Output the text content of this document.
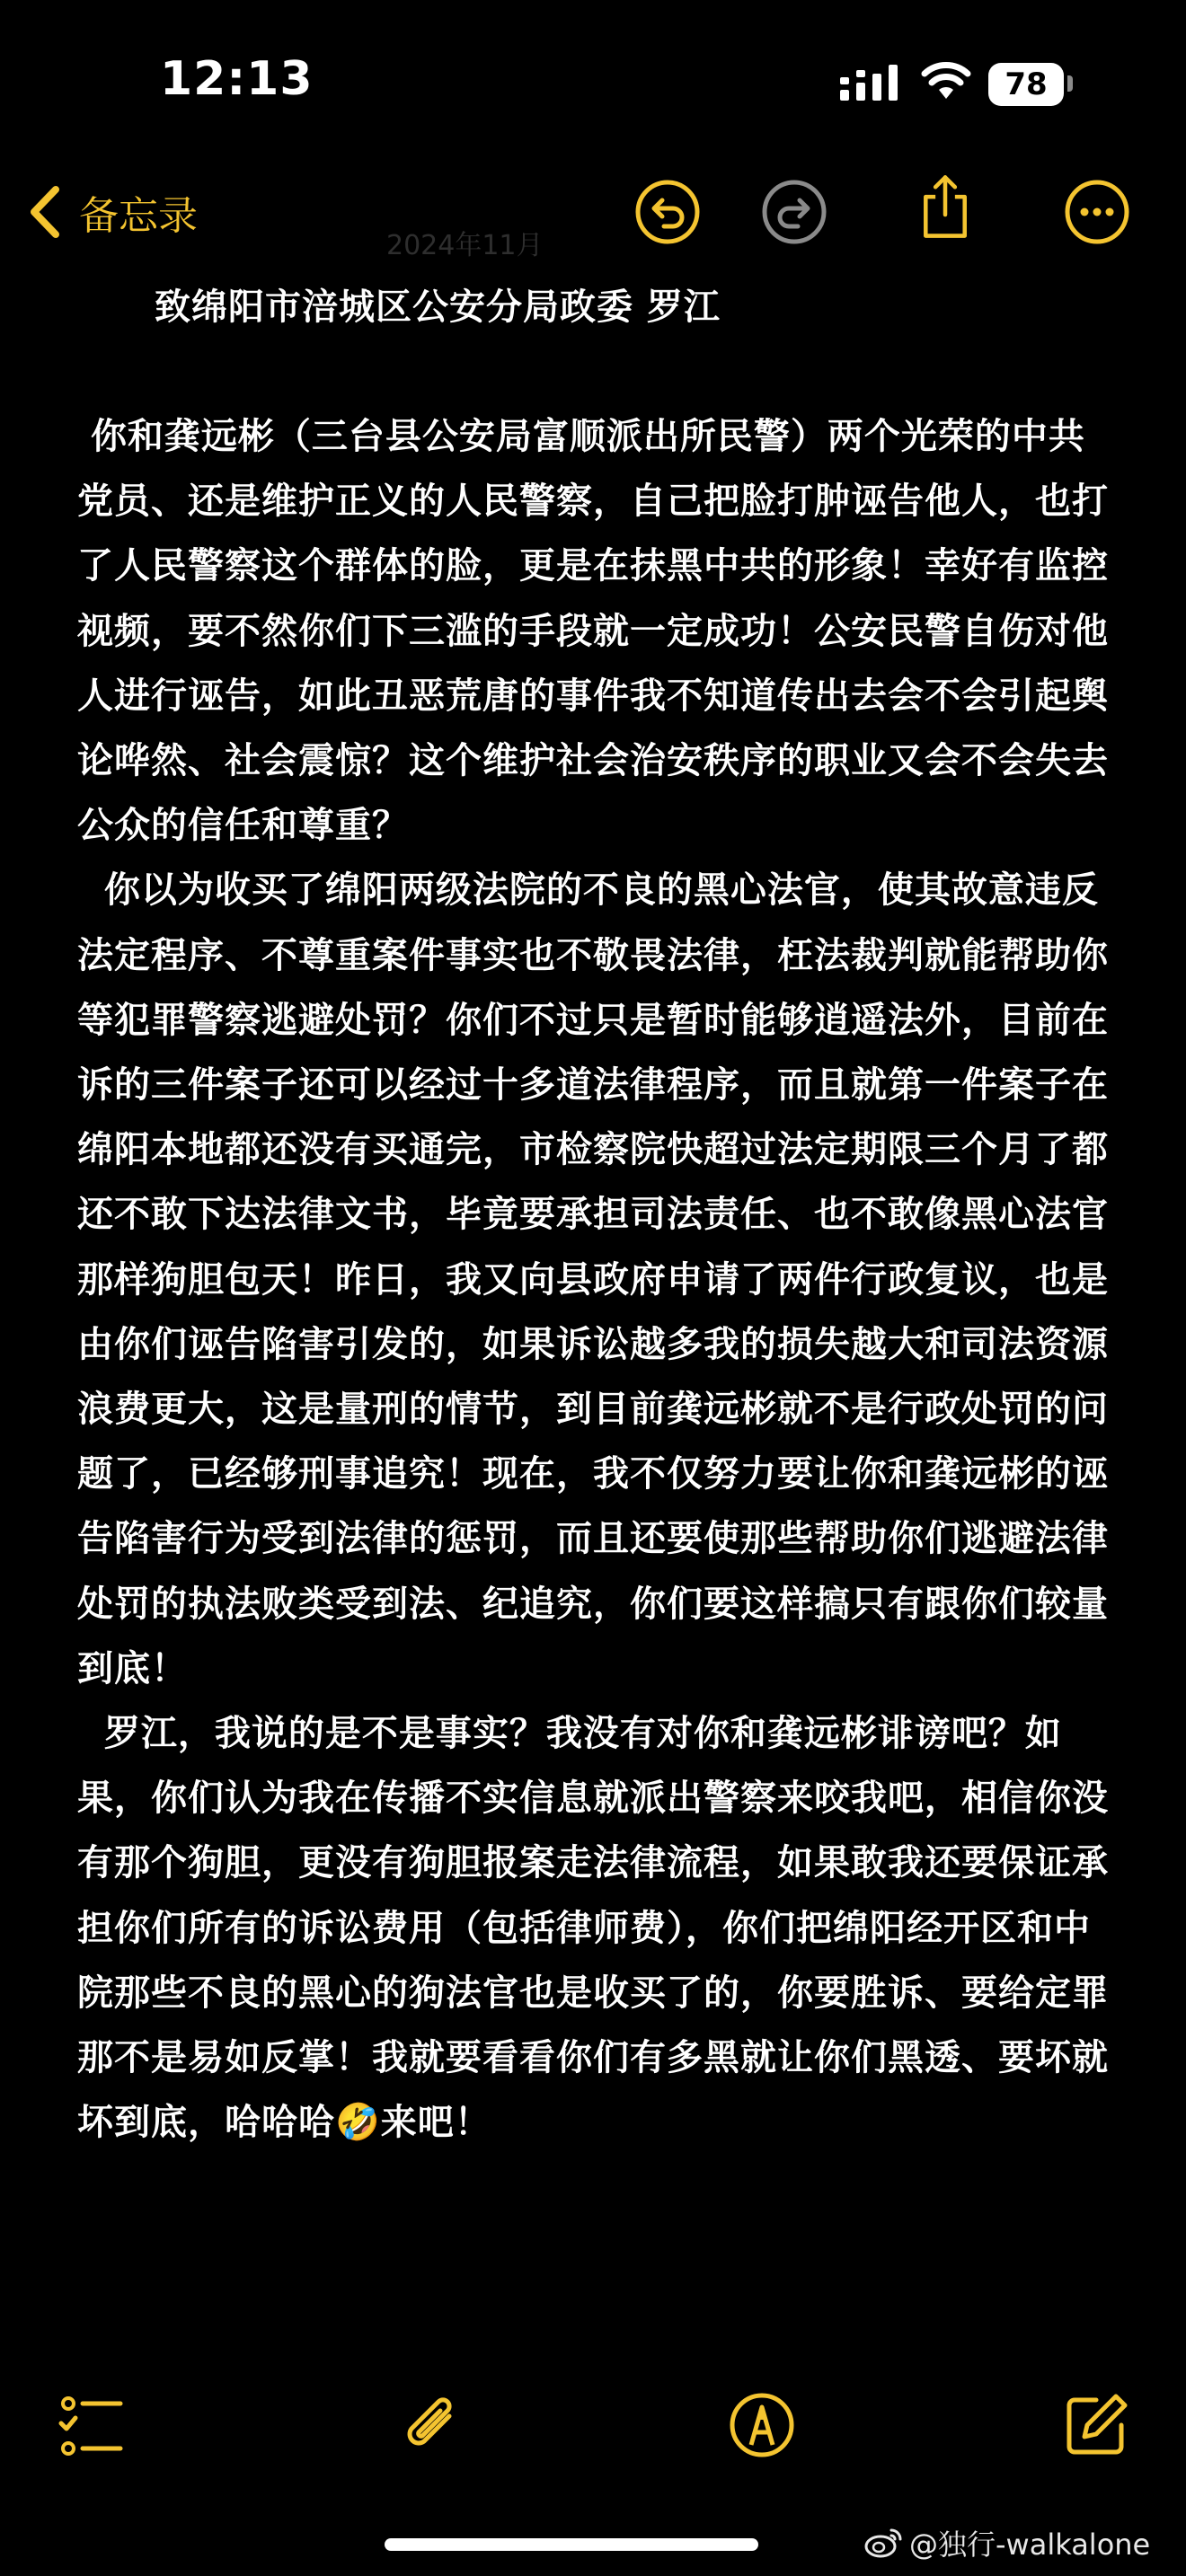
12:13	78
备忘录
2024年11月
致绵阳市涪城区公安分局政委 罗江

你和龚远彬（三台县公安局富顺派出所民警）两个光荣的中共党员、还是维护正义的人民警察，自己把脸打肿诬告他人，也打了人民警察这个群体的脸，更是在抹黑中共的形象！幸好有监控视频，要不然你们下三滥的手段就一定成功！公安民警自伤对他人进行诬告，如此丑恶荒唐的事件我不知道传出去会不会引起舆论哗然、社会震惊？这个维护社会治安秩序的职业又会不会失去公众的信任和尊重？

你以为收买了绵阳两级法院的不良的黑心法官，使其故意违反法定程序、不尊重案件事实也不敬畏法律，枉法裁判就能帮助你等犯罪警察逃避处罚？你们不过只是暂时能够逍遥法外，目前在诉的三件案子还可以经过十多道法律程序，而且就第一件案子在绵阳本地都还没有买通完，市检察院快超过法定期限三个月了都还不敢下达法律文书，毕竟要承担司法责任、也不敢像黑心法官那样狗胆包天！昨日，我又向县政府申请了两件行政复议，也是由你们诬告陷害引发的，如果诉讼越多我的损失越大和司法资源浪费更大，这是量刑的情节，到目前龚远彬就不是行政处罚的问题了，已经够刑事追究！现在，我不仅努力要让你和龚远彬的诬告陷害行为受到法律的惩罚，而且还要使那些帮助你们逃避法律处罚的执法败类受到法、纪追究，你们要这样搞只有跟你们较量到底！

罗江，我说的是不是事实？我没有对你和龚远彬诽谤吧？如果，你们认为我在传播不实信息就派出警察来咬我吧，相信你没有那个狗胆，更没有狗胆报案走法律流程，如果敢我还要保证承担你们所有的诉讼费用（包括律师费），你们把绵阳经开区和中院那些不良的黑心的狗法官也是收买了的，你要胜诉、要给定罪那不是易如反掌！我就要看看你们有多黑就让你们黑透、要坏就坏到底，哈哈哈🤣来吧！

@独行-walkalone
